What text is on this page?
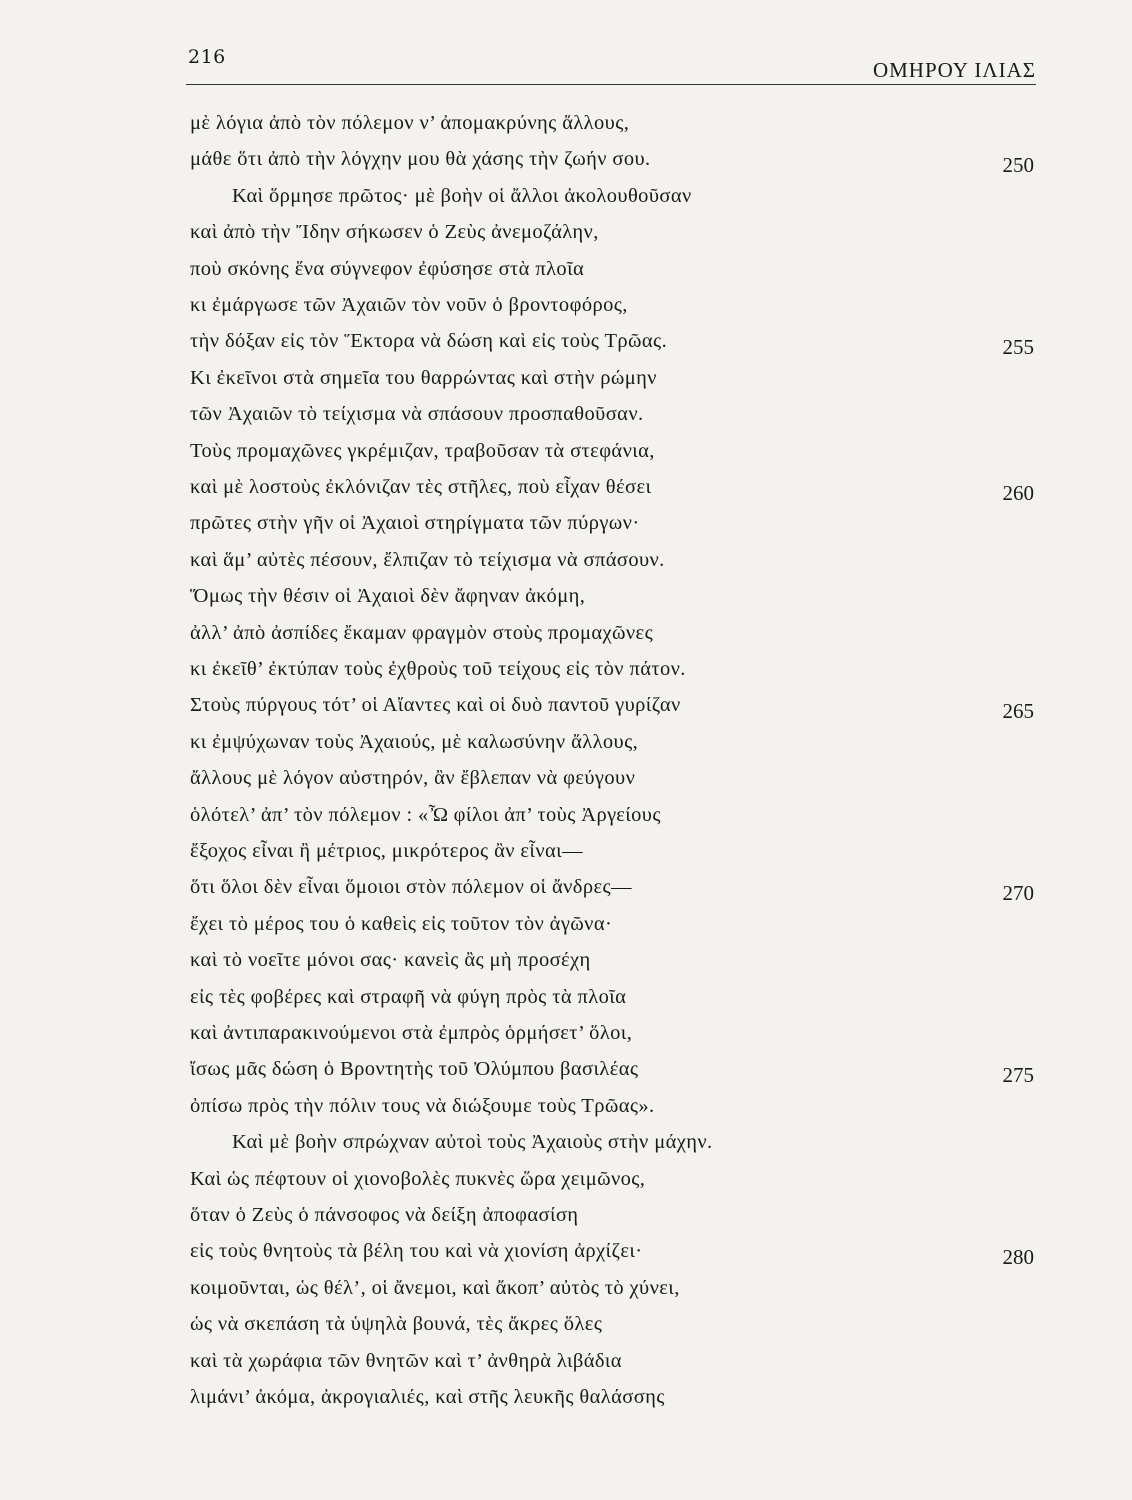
216
ΟΜΗΡΟΥ ΙΛΙΑΣ
μὲ λόγια ἀπὸ τὸν πόλεμον ν’ ἀπομακρύνης ἄλλους,
μάθε ὅτι ἀπὸ τὴν λόγχην μου θὰ χάσης τὴν ζωήν σου.	250
Καὶ ὅρμησε πρῶτος· μὲ βοὴν οἱ ἄλλοι ἀκολουθοῦσαν
καὶ ἀπὸ τὴν Ἴδην σήκωσεν ὁ Ζεὺς ἀνεμοζάλην,
ποὺ σκόνης ἕνα σύγνεφον ἐφύσησε στὰ πλοῖα
κι ἐμάργωσε τῶν Ἀχαιῶν τὸν νοῦν ὁ βροντοφόρος,
τὴν δόξαν εἰς τὸν Ἕκτορα νὰ δώση καὶ εἰς τοὺς Τρῶας.	255
Κι ἐκεῖνοι στὰ σημεῖα του θαρρώντας καὶ στὴν ρώμην
τῶν Ἀχαιῶν τὸ τείχισμα νὰ σπάσουν προσπαθοῦσαν.
Τοὺς προμαχῶνες γκρέμιζαν, τραβοῦσαν τὰ στεφάνια,
καὶ μὲ λοστοὺς ἐκλόνιζαν τὲς στῆλες, ποὺ εἶχαν θέσει	260
πρῶτες στὴν γῆν οἱ Ἀχαιοὶ στηρίγματα τῶν πύργων·
καὶ ἅμ’ αὐτὲς πέσουν, ἔλπιζαν τὸ τείχισμα νὰ σπάσουν.
Ὅμως τὴν θέσιν οἱ Ἀχαιοὶ δὲν ἄφηναν ἀκόμη,
ἀλλ’ ἀπὸ ἀσπίδες ἔκαμαν φραγμὸν στοὺς προμαχῶνες
κι ἐκεῖθ’ ἐκτύπαν τοὺς ἐχθροὺς τοῦ τείχους εἰς τὸν πάτον.
Στοὺς πύργους τότ’ οἱ Αἴαντες καὶ οἱ δυὸ παντοῦ γυρίζαν	265
κι ἐμψύχωναν τοὺς Ἀχαιούς, μὲ καλωσύνην ἄλλους,
ἄλλους μὲ λόγον αὐστηρόν, ἂν ἔβλεπαν νὰ φεύγουν
ὁλότελ’ ἀπ’ τὸν πόλεμον : «Ὦ φίλοι ἀπ’ τοὺς Ἀργείους
ἔξοχος εἶναι ἢ μέτριος, μικρότερος ἂν εἶναι—
ὅτι ὅλοι δὲν εἶναι ὅμοιοι στὸν πόλεμον οἱ ἄνδρες—	270
ἔχει τὸ μέρος του ὁ καθεὶς εἰς τοῦτον τὸν ἀγῶνα·
καὶ τὸ νοεῖτε μόνοι σας· κανεὶς ἂς μὴ προσέχη
εἰς τὲς φοβέρες καὶ στραφῆ νὰ φύγη πρὸς τὰ πλοῖα
καὶ ἀντιπαρακινούμενοι στὰ ἐμπρὸς ὁρμήσετ’ ὅλοι,
ἴσως μᾶς δώση ὁ Βροντητὴς τοῦ Ὀλύμπου βασιλέας	275
ὀπίσω πρὸς τὴν πόλιν τους νὰ διώξουμε τοὺς Τρῶας».
Καὶ μὲ βοὴν σπρώχναν αὐτοὶ τοὺς Ἀχαιοὺς στὴν μάχην.
Καὶ ὡς πέφτουν οἱ χιονοβολὲς πυκνὲς ὥρα χειμῶνος,
ὅταν ὁ Ζεὺς ὁ πάνσοφος νὰ δείξη ἀποφασίση
εἰς τοὺς θνητοὺς τὰ βέλη του καὶ νὰ χιονίση ἀρχίζει·	280
κοιμοῦνται, ὡς θέλ’, οἱ ἄνεμοι, καὶ ἄκοπ’ αὐτὸς τὸ χύνει,
ὡς νὰ σκεπάση τὰ ὑψηλὰ βουνά, τὲς ἄκρες ὅλες
καὶ τὰ χωράφια τῶν θνητῶν καὶ τ’ ἀνθηρὰ λιβάδια
λιμάνι’ ἀκόμα, ἀκρογιαλιές, καὶ στῆς λευκῆς θαλάσσης
